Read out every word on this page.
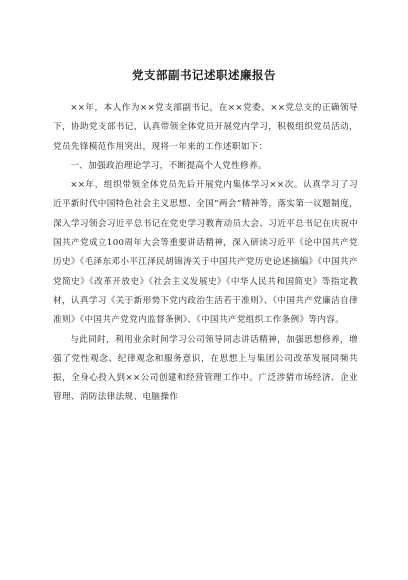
党支部副书记述职述廉报告

××年，本人作为××党支部副书记，在××党委、××党总支的正确领导下，协助党支部书记，认真带领全体党员开展党内学习，积极组织党员活动，党员先锋模范作用突出，现将一年来的工作述职如下：

一、加强政治理论学习，不断提高个人党性修养。

××年，组织带领全体党员先后开展党内集体学习××次。认真学习了习近平新时代中国特色社会主义思想、全国“两会”精神等，落实第一议题制度，深入学习领会习近平总书记在党史学习教育动员大会、习近平总书记在庆祝中国共产党成立100周年大会等重要讲话精神，深入研读习近平《论中国共产党历史》《毛泽东邓小平江泽民胡锦涛关于中国共产党历史论述摘编》《中国共产党简史》《改革开放史》《社会主义发展史》《中华人民共和国简史》等指定教材，认真学习《关于新形势下党内政治生活若干准则》、《中国共产党廉洁自律准则》《中国共产党党内监督条例》、《中国共产党组织工作条例》等内容。

与此同时，利用业余时间学习公司领导同志讲话精神，加强思想修养，增强了党性观念、纪律观念和服务意识，在思想上与集团公司改革发展同频共振，全身心投入到××公司创建和经营管理工作中。广泛涉猎市场经济、企业管理、消防法律法规、电脑操作
